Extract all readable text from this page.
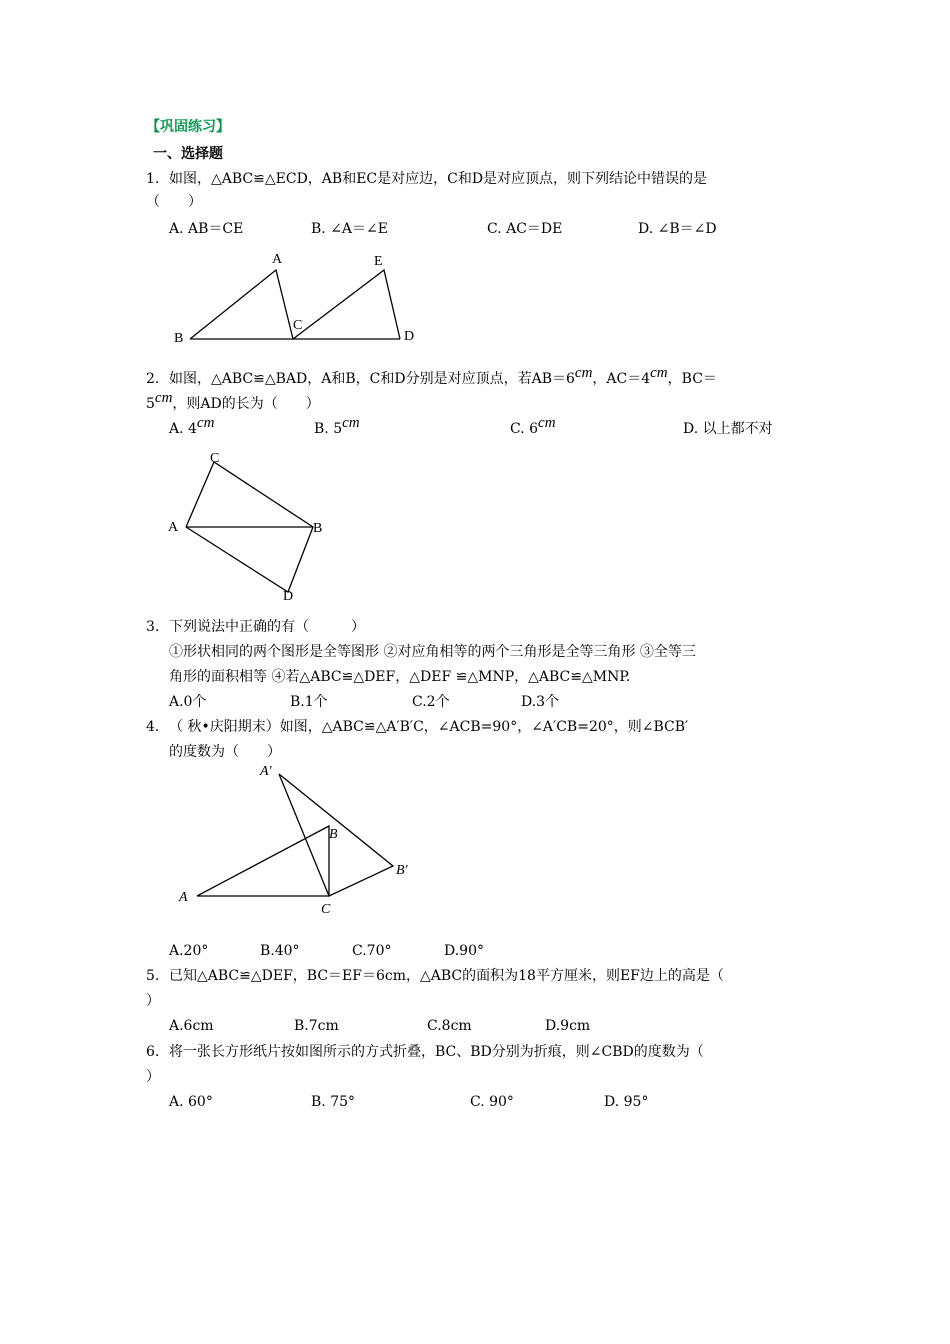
【巩固练习】
一、选择题
1. 如图，△ABC≌△ECD，AB和EC是对应边，C和D是对应顶点，则下列结论中错误的是
（　　）
A. AB＝CE	B. ∠A＝∠E	C. AC＝DE	D. ∠B＝∠D
A	E
B
C
D
2. 如图，△ABC≌△BAD，A和B，C和D分别是对应顶点，若AB＝6cm，AC＝4cm，BC＝
5cm，则AD的长为（　　）
A. 4cm	B. 5cm	C. 6cm	D. 以上都不对
C
A	B
D
3. 下列说法中正确的有（　　　）
①形状相同的两个图形是全等图形 ②对应角相等的两个三角形是全等三角形 ③全等三
角形的面积相等 ④若△ABC≌△DEF，△DEF ≌△MNP，△ABC≌△MNP.
A.0个	B.1个	C.2个	D.3个
4. （ 秋•庆阳期末）如图，△ABC≌△A′B′C，∠ACB=90°，∠A′CB=20°，则∠BCB′
的度数为（　　）
A′
B
B′
A
C
A.20°	B.40°	C.70°	D.90°
5. 已知△ABC≌△DEF，BC＝EF＝6cm，△ABC的面积为18平方厘米，则EF边上的高是（
）
A.6cm	B.7cm	C.8cm	D.9cm
6. 将一张长方形纸片按如图所示的方式折叠，BC、BD分别为折痕，则∠CBD的度数为（
）
A. 60°	B. 75°	C. 90°	D. 95°
